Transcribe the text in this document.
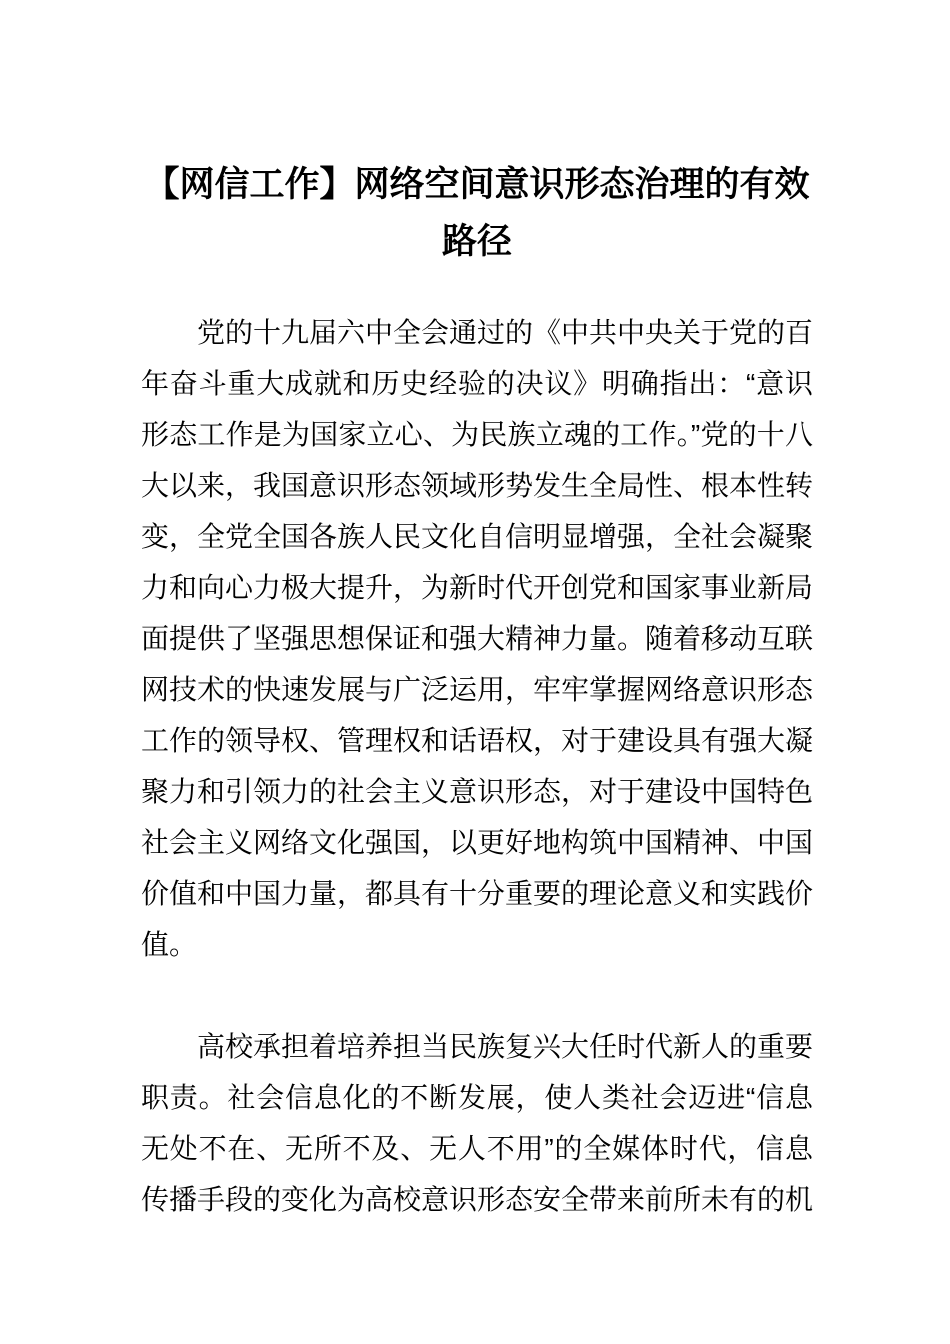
【网信工作】网络空间意识形态治理的有效路径

党的十九届六中全会通过的《中共中央关于党的百年奋斗重大成就和历史经验的决议》明确指出：“意识形态工作是为国家立心、为民族立魂的工作。”党的十八大以来，我国意识形态领域形势发生全局性、根本性转变，全党全国各族人民文化自信明显增强，全社会凝聚力和向心力极大提升，为新时代开创党和国家事业新局面提供了坚强思想保证和强大精神力量。随着移动互联网技术的快速发展与广泛运用，牢牢掌握网络意识形态工作的领导权、管理权和话语权，对于建设具有强大凝聚力和引领力的社会主义意识形态，对于建设中国特色社会主义网络文化强国，以更好地构筑中国精神、中国价值和中国力量，都具有十分重要的理论意义和实践价值。

高校承担着培养担当民族复兴大任时代新人的重要职责。社会信息化的不断发展，使人类社会迈进“信息无处不在、无所不及、无人不用”的全媒体时代，信息传播手段的变化为高校意识形态安全带来前所未有的机
